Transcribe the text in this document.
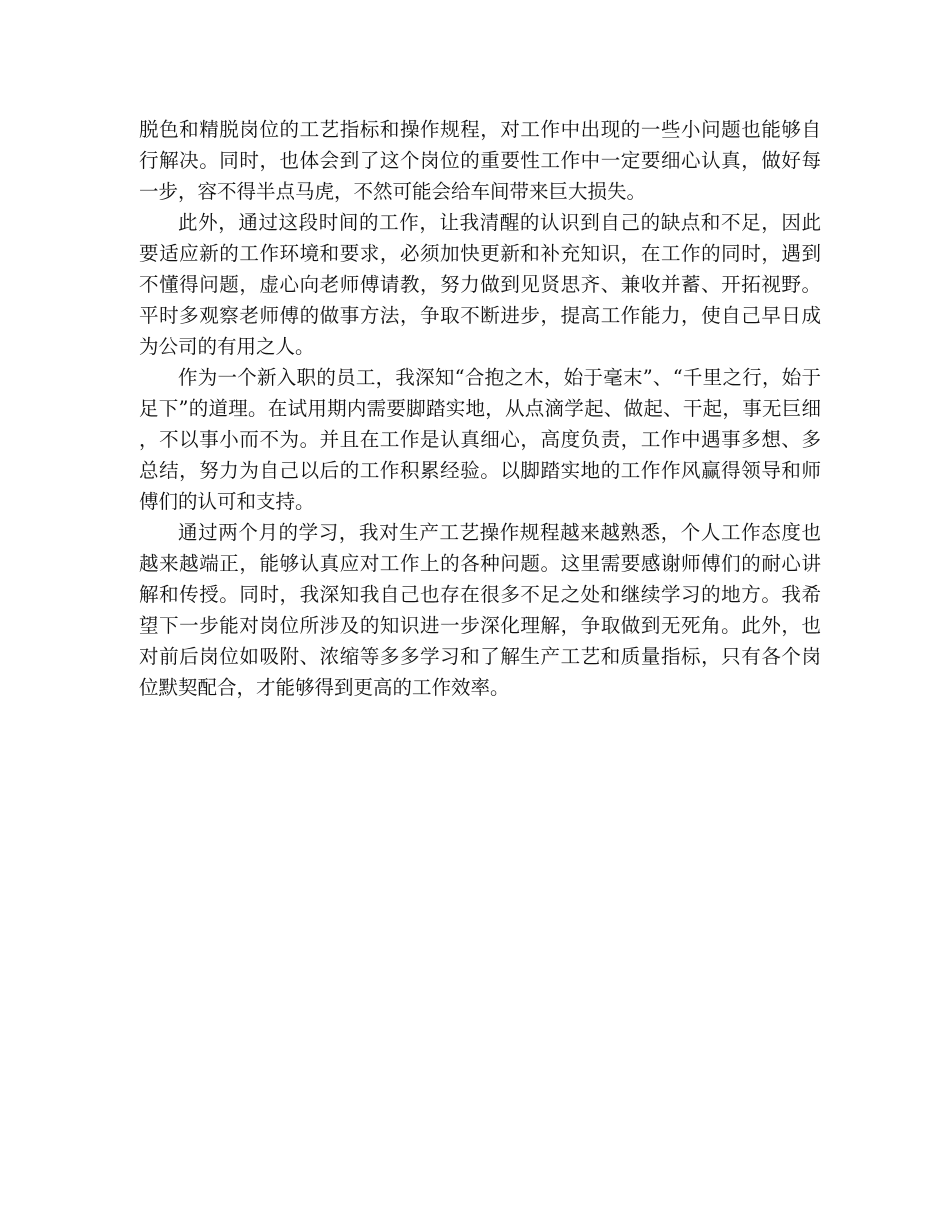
脱色和精脱岗位的工艺指标和操作规程，对工作中出现的一些小问题也能够自行解决。同时，也体会到了这个岗位的重要性工作中一定要细心认真，做好每一步，容不得半点马虎，不然可能会给车间带来巨大损失。

此外，通过这段时间的工作，让我清醒的认识到自己的缺点和不足，因此要适应新的工作环境和要求，必须加快更新和补充知识，在工作的同时，遇到不懂得问题，虚心向老师傅请教，努力做到见贤思齐、兼收并蓄、开拓视野。平时多观察老师傅的做事方法，争取不断进步，提高工作能力，使自己早日成为公司的有用之人。

作为一个新入职的员工，我深知“合抱之木，始于毫末”、“千里之行，始于足下”的道理。在试用期内需要脚踏实地，从点滴学起、做起、干起，事无巨细，不以事小而不为。并且在工作是认真细心，高度负责，工作中遇事多想、多总结，努力为自己以后的工作积累经验。以脚踏实地的工作作风赢得领导和师傅们的认可和支持。

通过两个月的学习，我对生产工艺操作规程越来越熟悉，个人工作态度也越来越端正，能够认真应对工作上的各种问题。这里需要感谢师傅们的耐心讲解和传授。同时，我深知我自己也存在很多不足之处和继续学习的地方。我希望下一步能对岗位所涉及的知识进一步深化理解，争取做到无死角。此外，也对前后岗位如吸附、浓缩等多多学习和了解生产工艺和质量指标，只有各个岗位默契配合，才能够得到更高的工作效率。
